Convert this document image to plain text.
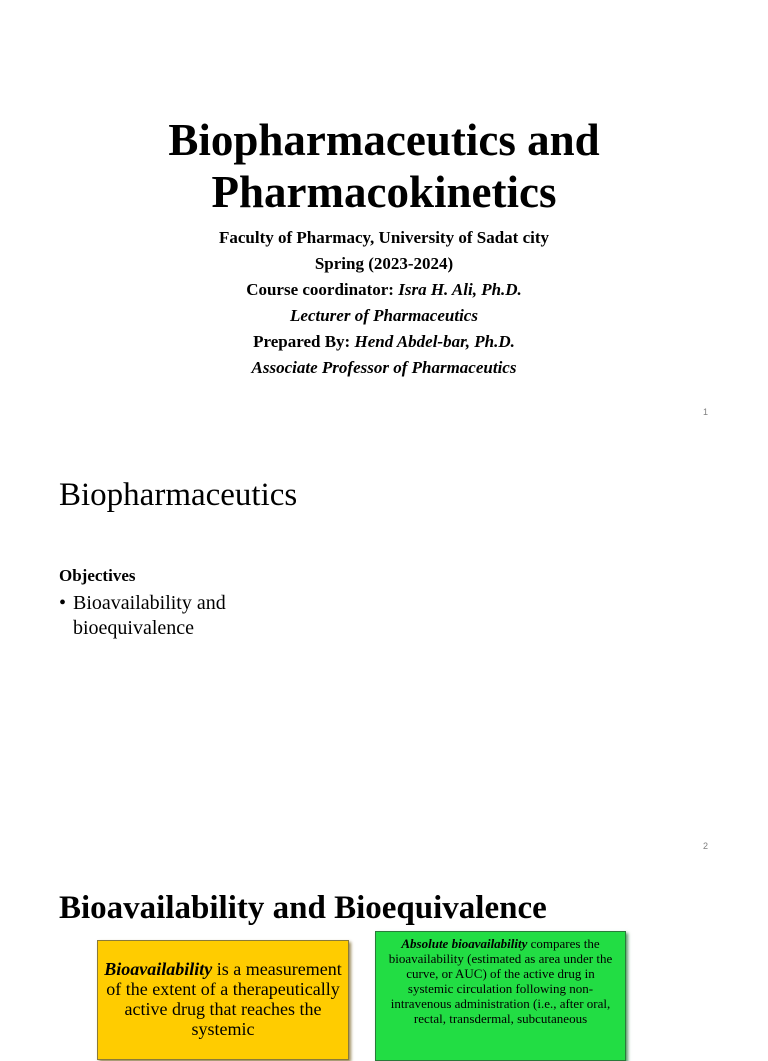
Biopharmaceutics and
Pharmacokinetics
Faculty of Pharmacy, University of Sadat city
Spring (2023-2024)
Course coordinator: Isra H. Ali, Ph.D.
Lecturer of Pharmaceutics
Prepared By: Hend Abdel-bar, Ph.D.
Associate Professor of Pharmaceutics
1
Biopharmaceutics
Objectives
• Bioavailability and bioequivalence
2
Bioavailability and Bioequivalence
Bioavailability is a measurement of the extent of a therapeutically active drug that reaches the systemic
Absolute bioavailability compares the bioavailability (estimated as area under the curve, or AUC) of the active drug in systemic circulation following non-intravenous administration (i.e., after oral, rectal, transdermal, subcutaneous
